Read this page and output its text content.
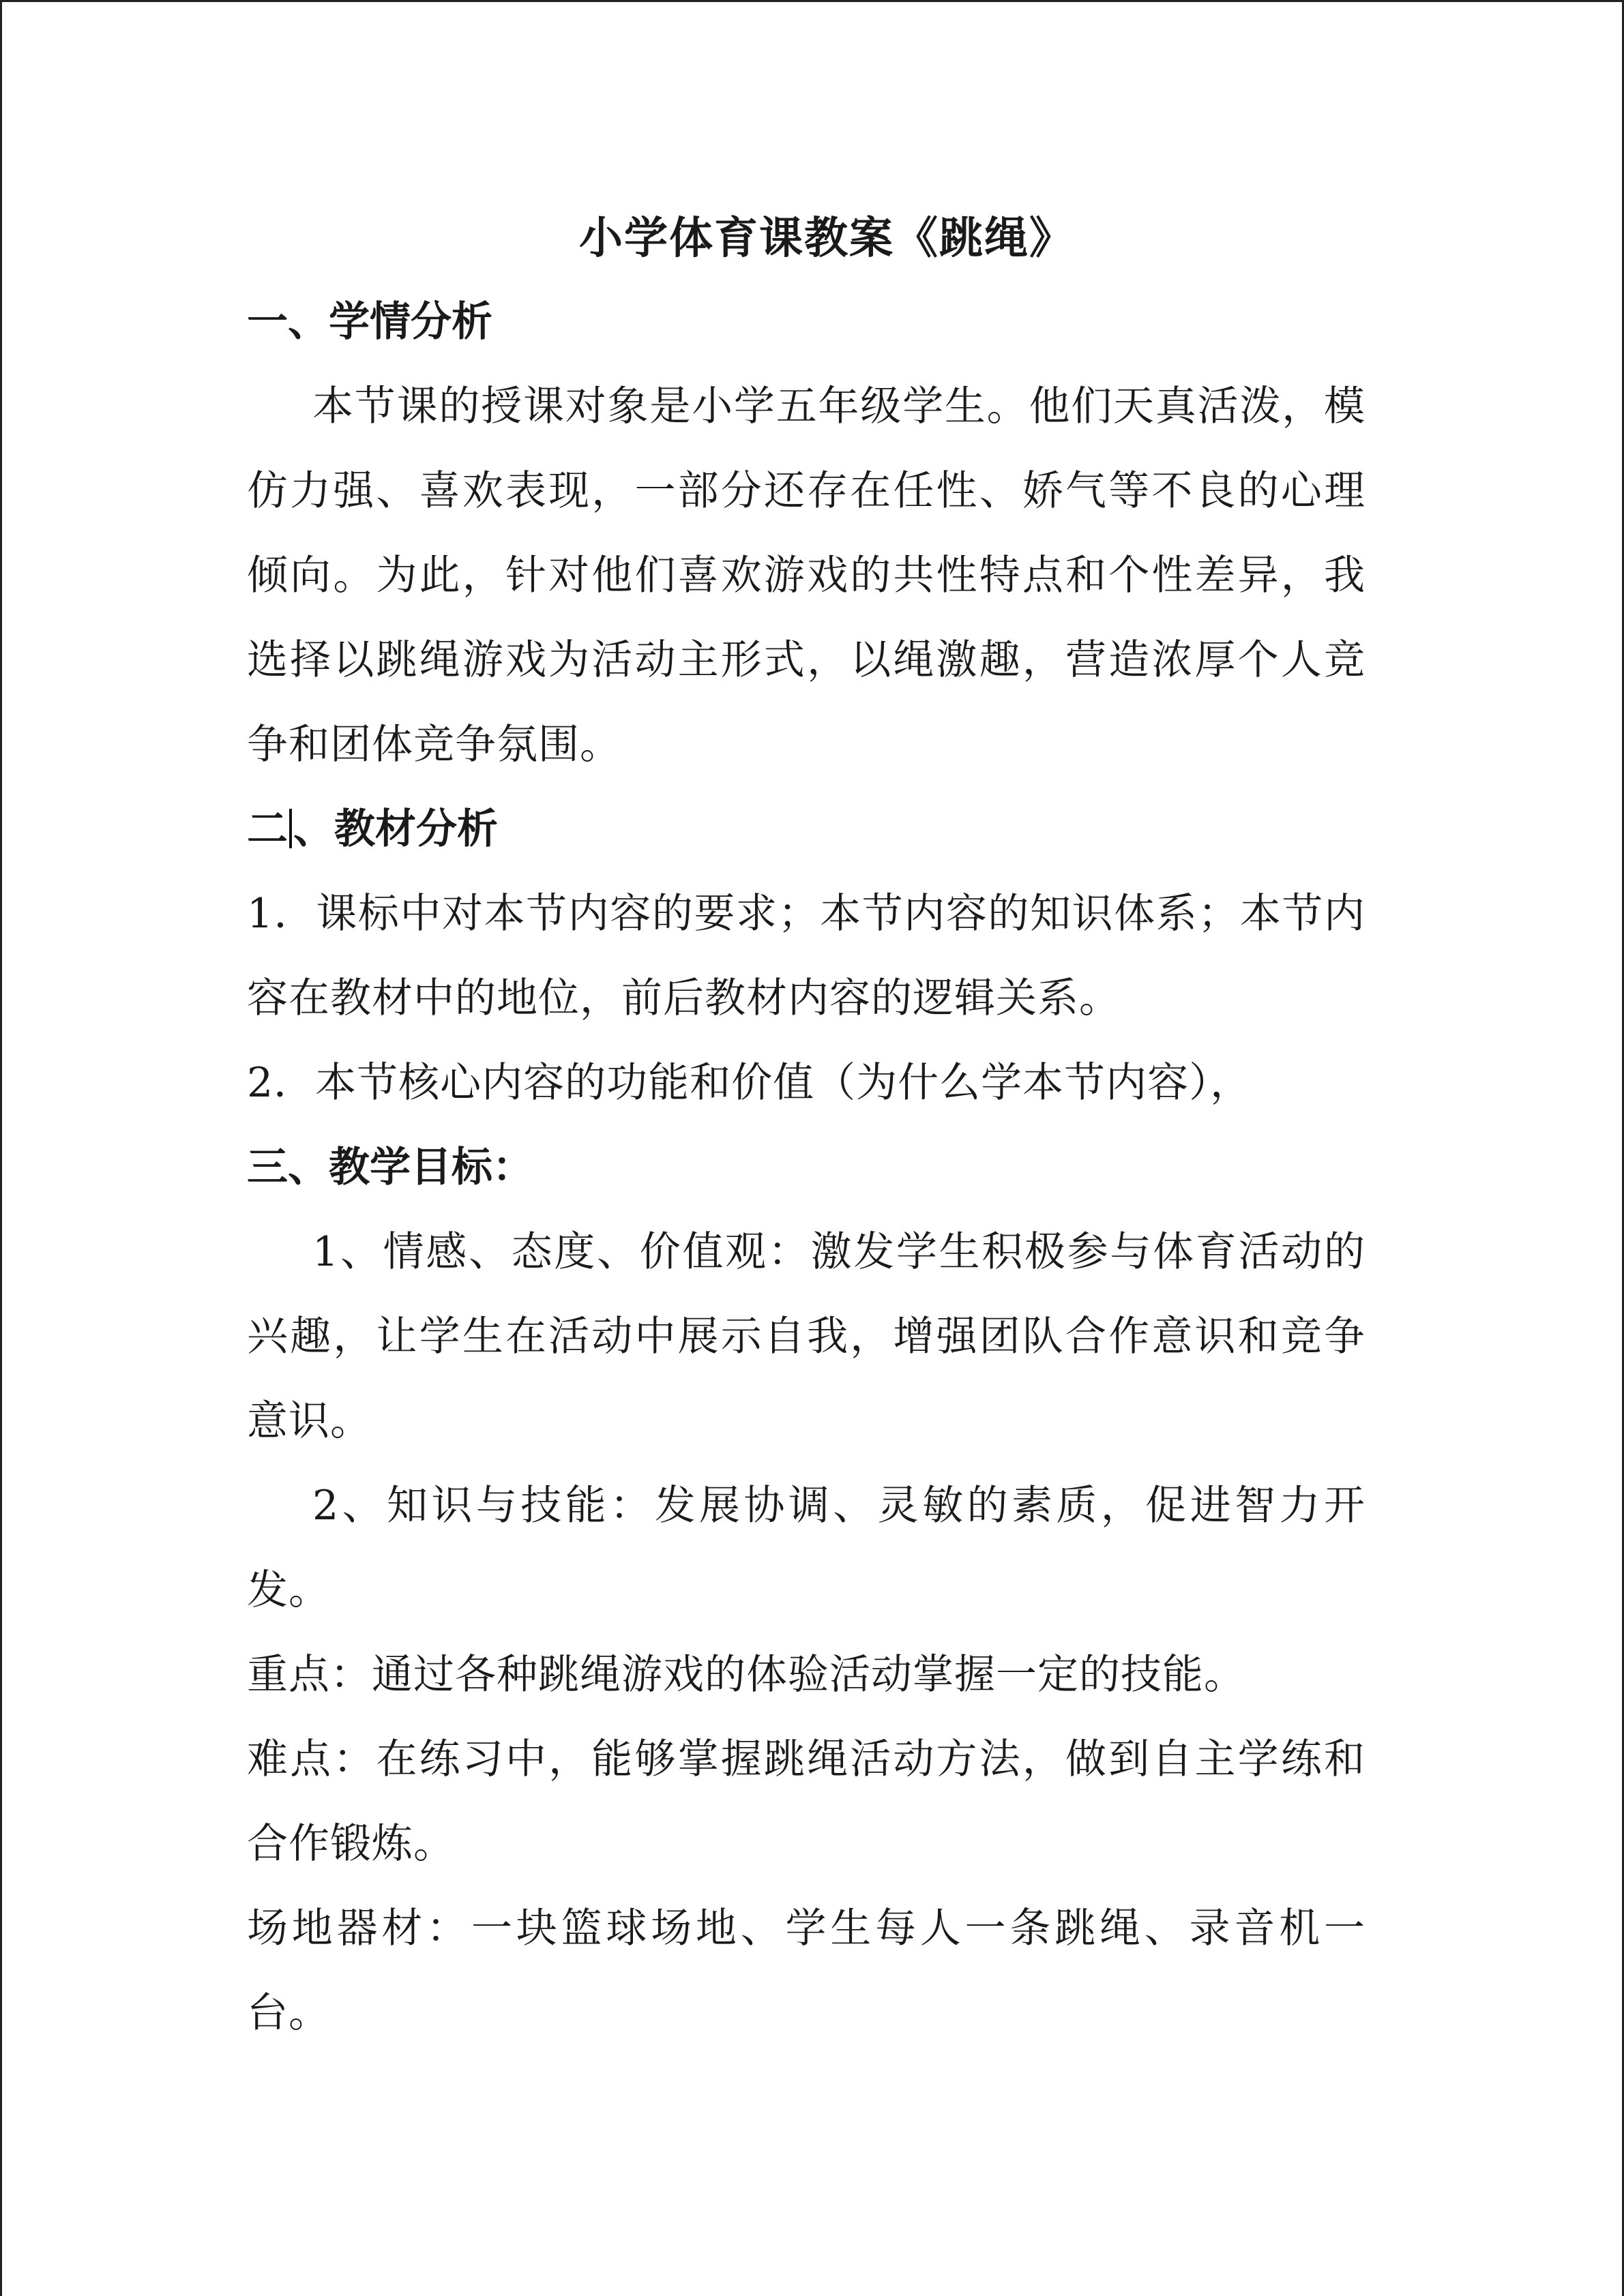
小学体育课教案《跳绳》
一、学情分析

本节课的授课对象是小学五年级学生。他们天真活泼，模仿力强、喜欢表现，一部分还存在任性、娇气等不良的心理倾向。为此，针对他们喜欢游戏的共性特点和个性差异，我选择以跳绳游戏为活动主形式，以绳激趣，营造浓厚个人竞争和团体竞争氛围。

二 、教材分析

1．课标中对本节内容的要求；本节内容的知识体系；本节内容在教材中的地位，前后教材内容的逻辑关系。

2．本节核心内容的功能和价值（为什么学本节内容），

三、教学目标：

1、情感、态度、价值观：激发学生积极参与体育活动的兴趣，让学生在活动中展示自我，增强团队合作意识和竞争意识。

2、知识与技能：发展协调、灵敏的素质，促进智力开发。

重点：通过各种跳绳游戏的体验活动掌握一定的技能。

难点：在练习中，能够掌握跳绳活动方法，做到自主学练和合作锻炼。

场地器材：一块篮球场地、学生每人一条跳绳、录音机一台。
